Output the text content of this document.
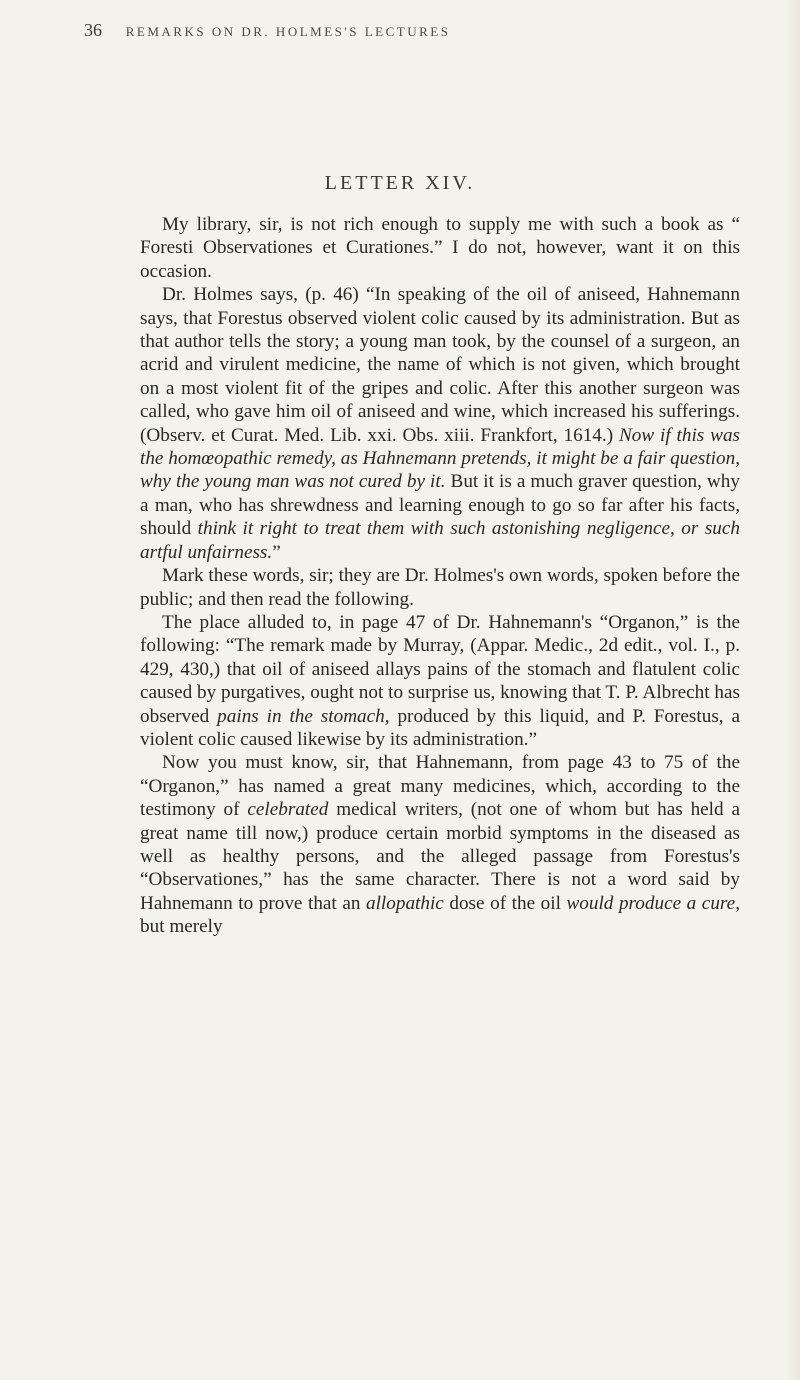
36 REMARKS ON DR. HOLMES'S LECTURES
LETTER XIV.

My library, sir, is not rich enough to supply me with such a book as “ Foresti Observationes et Curationes.” I do not, however, want it on this occasion.

Dr. Holmes says, (p. 46) “In speaking of the oil of aniseed, Hahnemann says, that Forestus observed violent colic caused by its administration. But as that author tells the story; a young man took, by the counsel of a surgeon, an acrid and virulent medicine, the name of which is not given, which brought on a most violent fit of the gripes and colic. After this another surgeon was called, who gave him oil of aniseed and wine, which increased his sufferings. (Observ. et Curat. Med. Lib. xxi. Obs. xiii. Frankfort, 1614.) Now if this was the homœopathic remedy, as Hahnemann pretends, it might be a fair question, why the young man was not cured by it. But it is a much graver question, why a man, who has shrewdness and learning enough to go so far after his facts, should think it right to treat them with such astonishing negligence, or such artful unfairness.”

Mark these words, sir; they are Dr. Holmes's own words, spoken before the public; and then read the following.

The place alluded to, in page 47 of Dr. Hahnemann's “Organon,” is the following: “The remark made by Murray, (Appar. Medic., 2d edit., vol. I., p. 429, 430,) that oil of aniseed allays pains of the stomach and flatulent colic caused by purgatives, ought not to surprise us, knowing that T. P. Albrecht has observed pains in the stomach, produced by this liquid, and P. Forestus, a violent colic caused likewise by its administration.”

Now you must know, sir, that Hahnemann, from page 43 to 75 of the “Organon,” has named a great many medicines, which, according to the testimony of celebrated medical writers, (not one of whom but has held a great name till now,) produce certain morbid symptoms in the diseased as well as healthy persons, and the alleged passage from Forestus's “Observationes,” has the same character. There is not a word said by Hahnemann to prove that an allopathic dose of the oil would produce a cure, but merely
